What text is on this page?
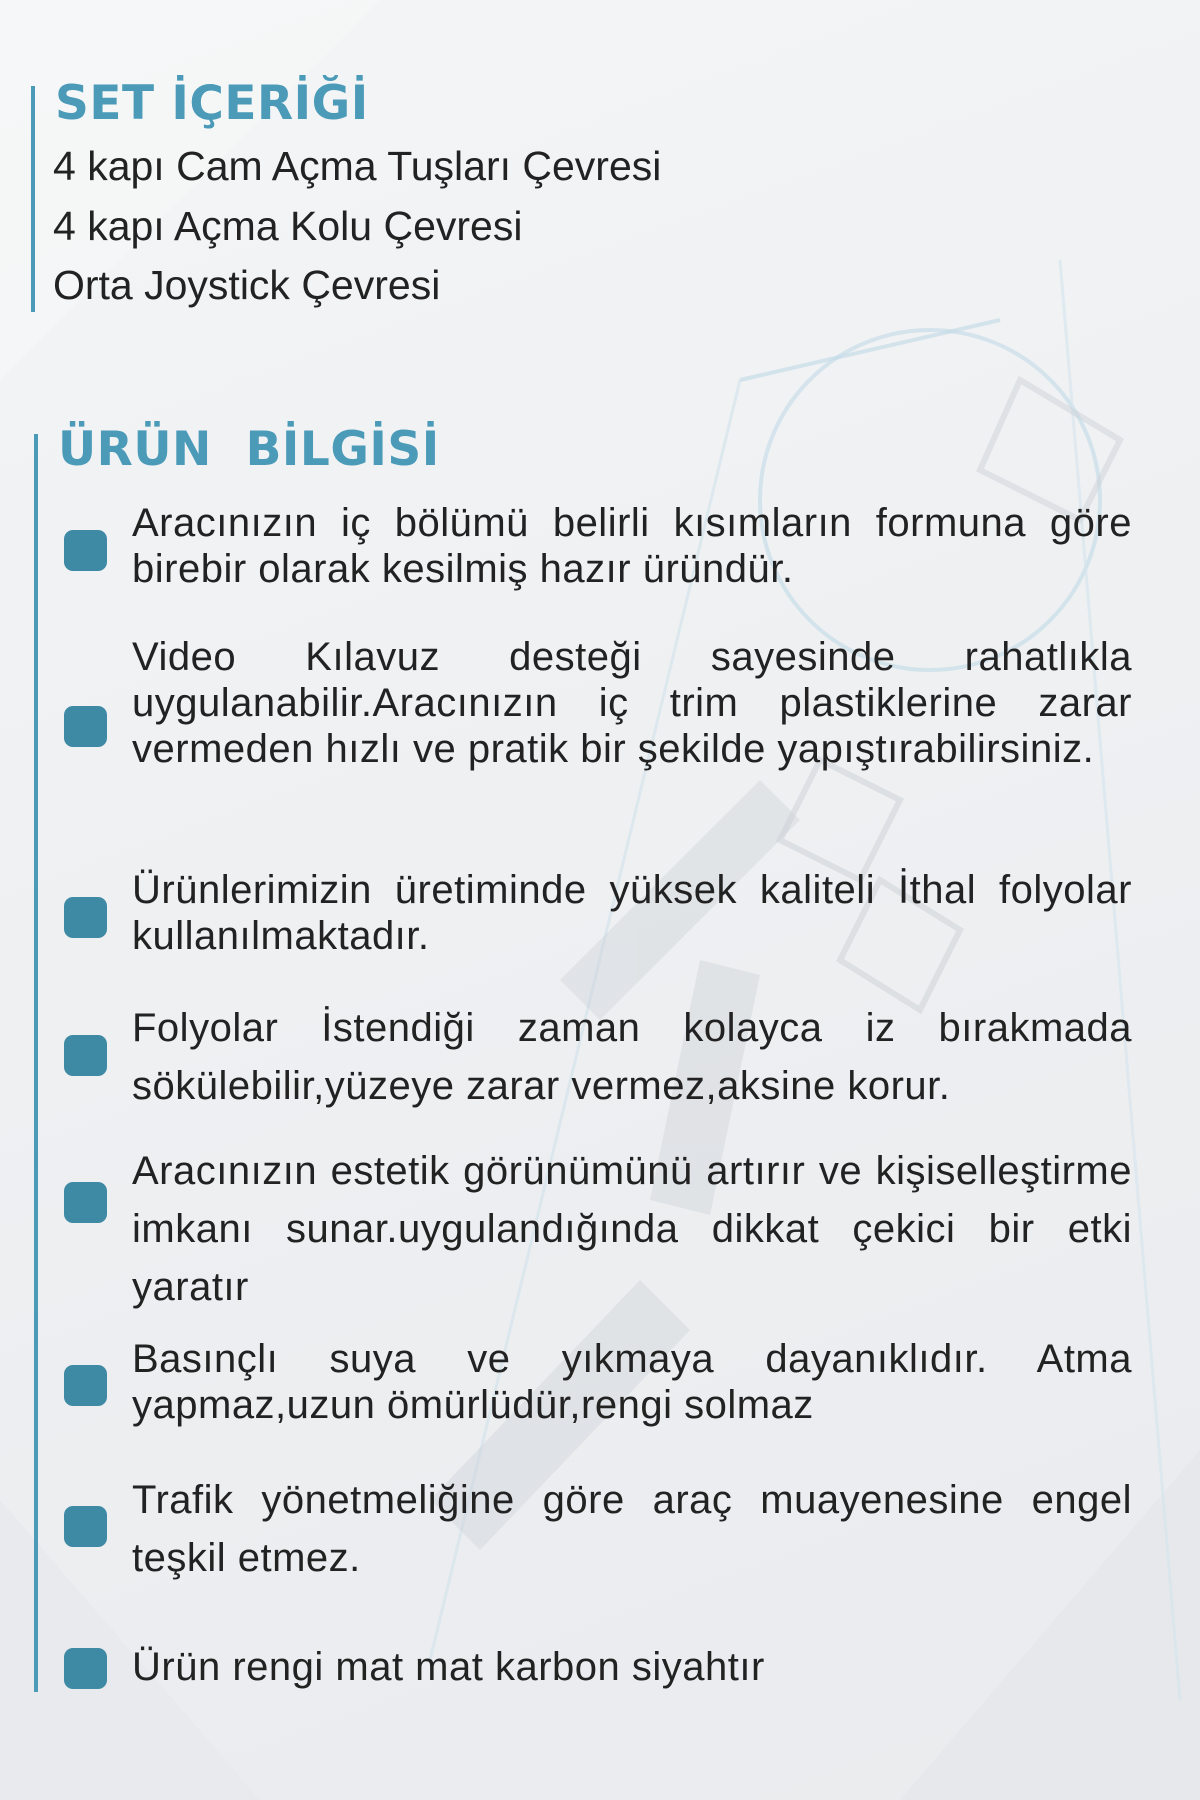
SET İÇERİĞİ

4 kapı Cam Açma Tuşları Çevresi

4 kapı Açma Kolu Çevresi

Orta Joystick Çevresi

ÜRÜN  BİLGİSİ

Aracınızın iç bölümü belirli kısımların formuna göre birebir olarak kesilmiş hazır üründür.

Video Kılavuz desteği sayesinde rahatlıkla uygulanabilir.Aracınızın iç trim plastiklerine zarar vermeden hızlı ve pratik bir şekilde yapıştırabilirsiniz.

Ürünlerimizin üretiminde yüksek kaliteli İthal folyolar kullanılmaktadır.

Folyolar İstendiği zaman kolayca iz bırakmada sökülebilir,yüzeye zarar vermez,aksine korur.

Aracınızın estetik görünümünü artırır ve kişiselleştirme imkanı sunar.uygulandığında dikkat çekici bir etki yaratır

Basınçlı suya ve yıkmaya dayanıklıdır. Atma yapmaz,uzun ömürlüdür,rengi solmaz

Trafik yönetmeliğine göre araç muayenesine engel teşkil etmez.

Ürün rengi mat mat karbon siyahtır
